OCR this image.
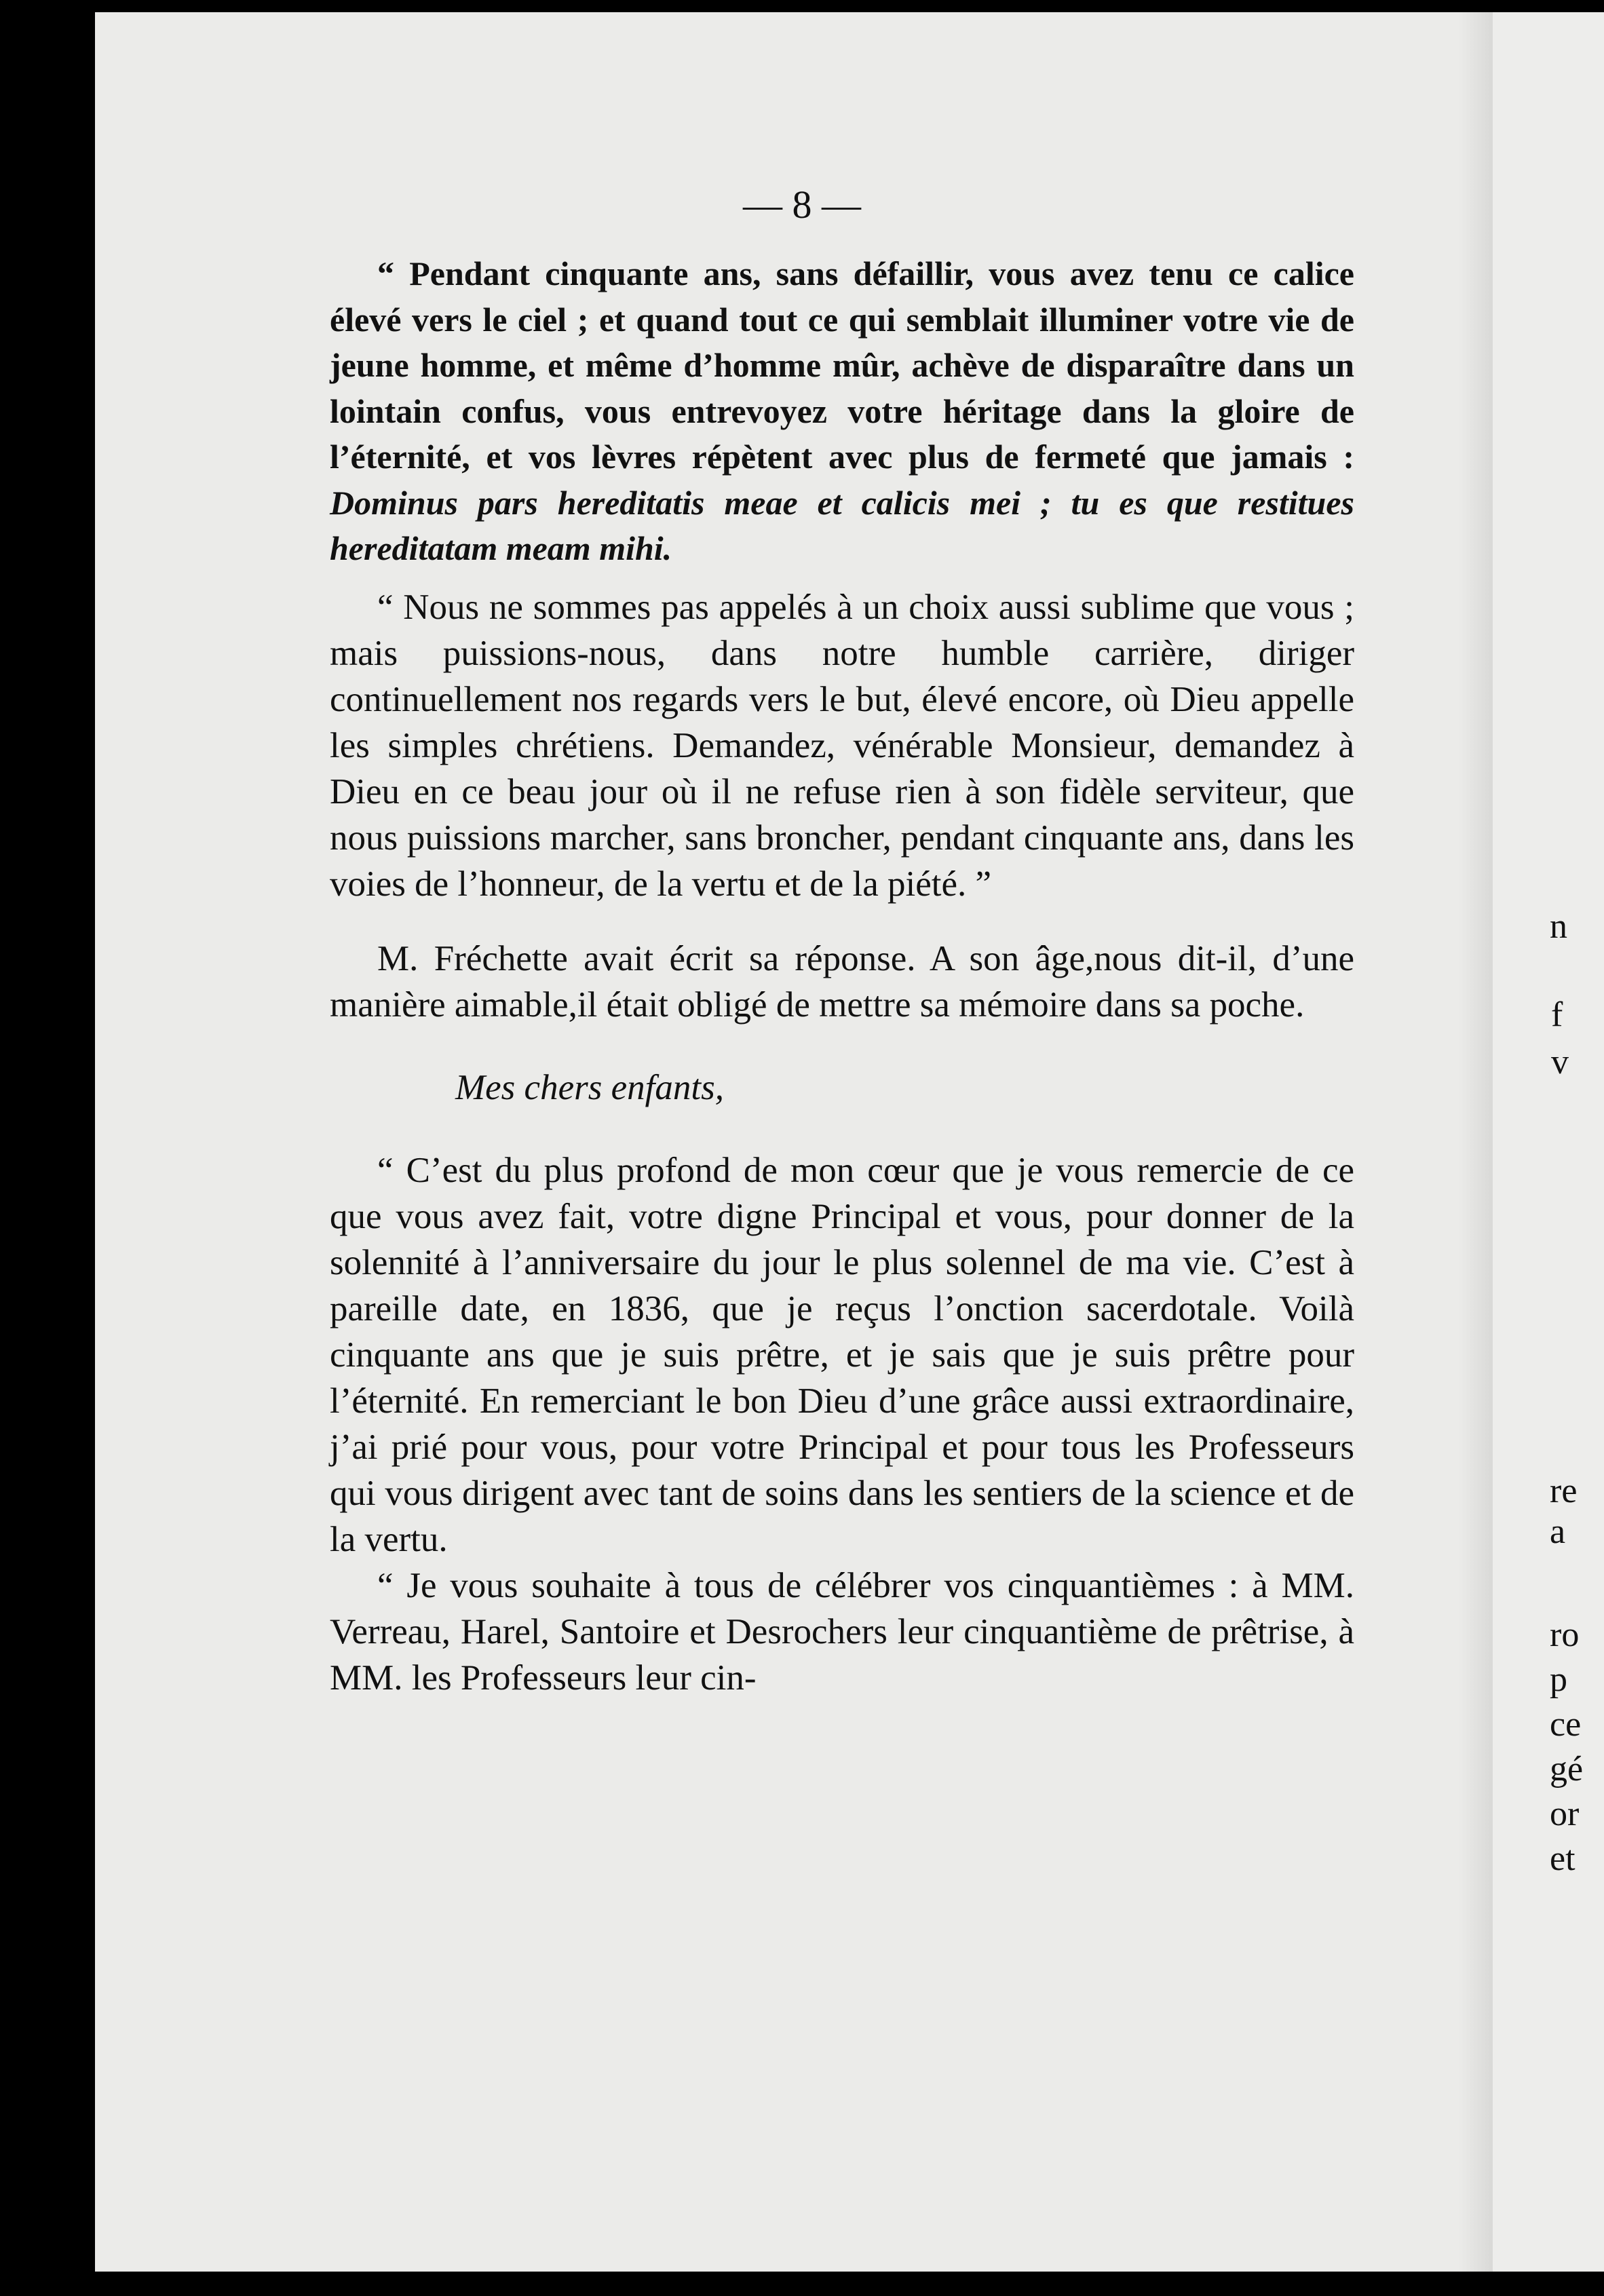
n
f
v
re
a
ro
p
ce
gé
or
et
— 8 —

“ Pendant cinquante ans, sans défaillir, vous avez tenu ce calice élevé vers le ciel ; et quand tout ce qui semblait illuminer votre vie de jeune homme, et même d’homme mûr, achève de disparaître dans un lointain confus, vous entrevoyez votre héritage dans la gloire de l’éternité, et vos lèvres répètent avec plus de fermeté que jamais : Dominus pars hereditatis meae et calicis mei ; tu es que restitues hereditatam meam mihi.

“ Nous ne sommes pas appelés à un choix aussi sublime que vous ; mais puissions-nous, dans notre humble carrière, diriger continuellement nos regards vers le but, élevé encore, où Dieu appelle les simples chrétiens. Demandez, vénérable Monsieur, demandez à Dieu en ce beau jour où il ne refuse rien à son fidèle serviteur, que nous puissions marcher, sans broncher, pendant cinquante ans, dans les voies de l’honneur, de la vertu et de la piété. ”

M. Fréchette avait écrit sa réponse. A son âge,nous dit-il, d’une manière aimable,il était obligé de mettre sa mémoire dans sa poche.

Mes chers enfants,

“ C’est du plus profond de mon cœur que je vous remercie de ce que vous avez fait, votre digne Principal et vous, pour donner de la solennité à l’anniversaire du jour le plus solennel de ma vie. C’est à pareille date, en 1836, que je reçus l’onction sacerdotale. Voilà cinquante ans que je suis prêtre, et je sais que je suis prêtre pour l’éternité. En remerciant le bon Dieu d’une grâce aussi extraordinaire, j’ai prié pour vous, pour votre Principal et pour tous les Professeurs qui vous dirigent avec tant de soins dans les sentiers de la science et de la vertu.

“ Je vous souhaite à tous de célébrer vos cinquantièmes : à MM. Verreau, Harel, Santoire et Desrochers leur cinquantième de prêtrise, à MM. les Professeurs leur cin-
